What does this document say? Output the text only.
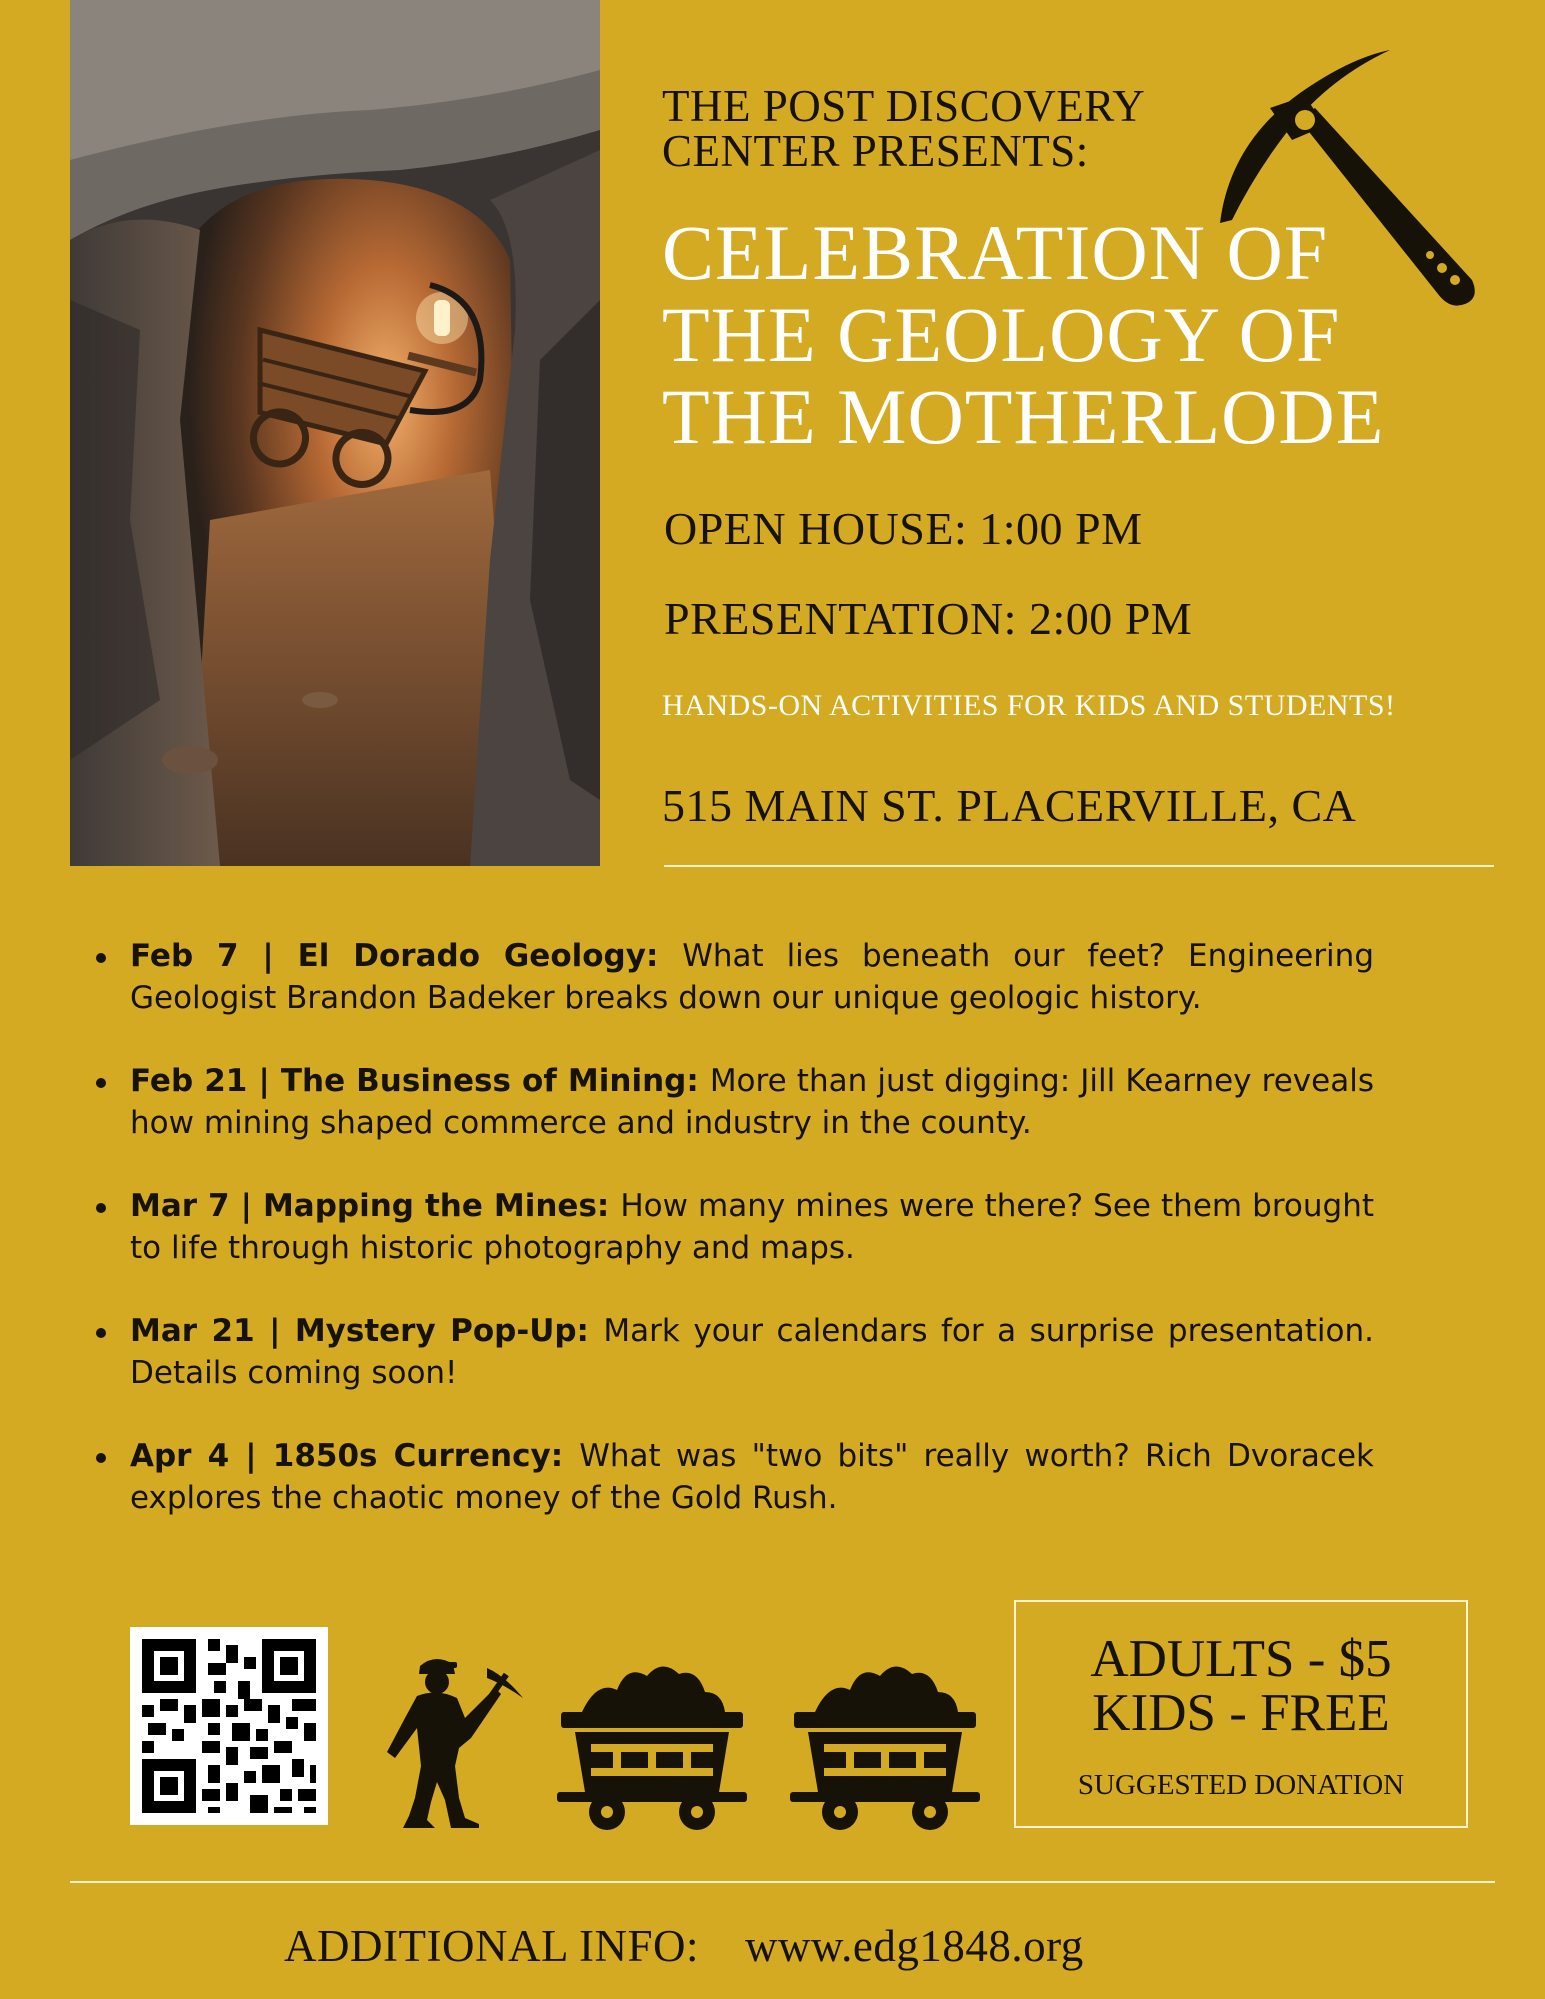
THE POST DISCOVERY
CENTER PRESENTS:
CELEBRATION OF
THE GEOLOGY OF
THE MOTHERLODE
OPEN HOUSE: 1:00 PM
PRESENTATION: 2:00 PM
HANDS-ON ACTIVITIES FOR KIDS AND STUDENTS!
515 MAIN ST. PLACERVILLE, CA
Feb 7 | El Dorado Geology: What lies beneath our feet? Engineering Geologist Brandon Badeker breaks down our unique geologic history.
Feb 21 | The Business of Mining: More than just digging: Jill Kearney reveals how mining shaped commerce and industry in the county.
Mar 7 | Mapping the Mines: How many mines were there? See them brought to life through historic photography and maps.
Mar 21 | Mystery Pop-Up: Mark your calendars for a surprise presentation. Details coming soon!
Apr 4 | 1850s Currency: What was "two bits" really worth? Rich Dvoracek explores the chaotic money of the Gold Rush.
ADULTS - $5
KIDS - FREE
SUGGESTED DONATION
ADDITIONAL INFO: www.edg1848.org
